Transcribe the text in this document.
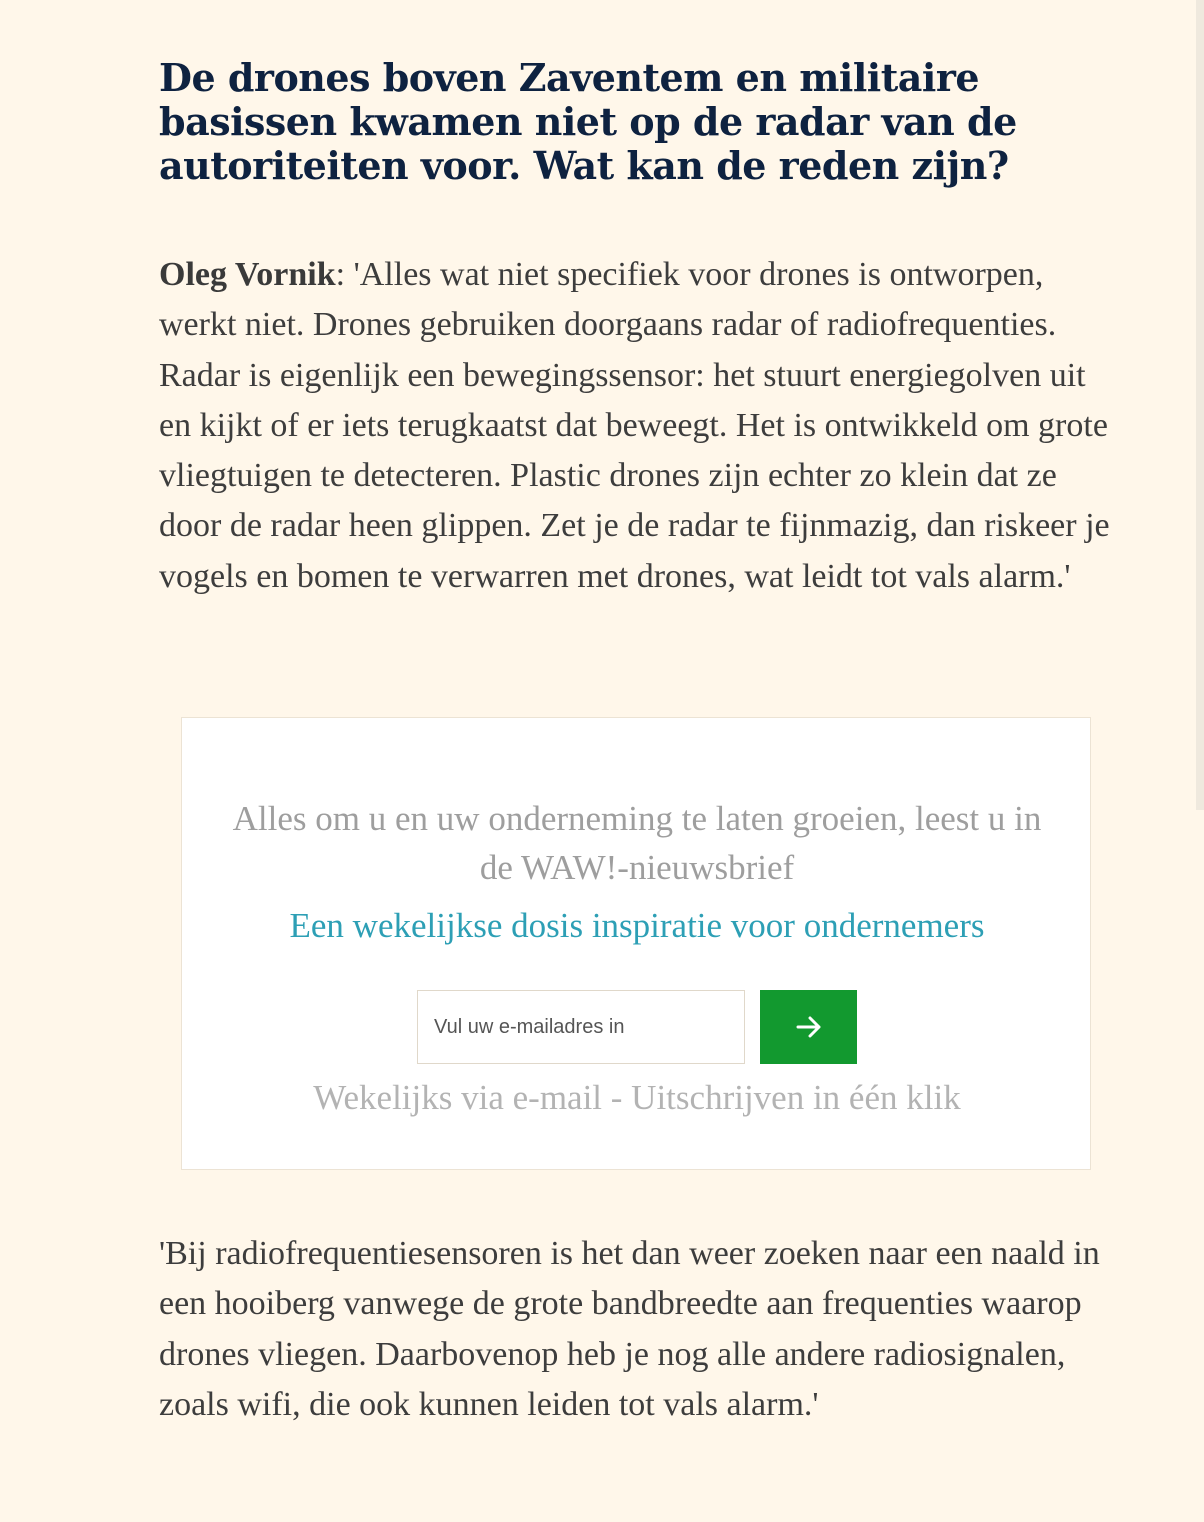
De drones boven Zaventem en militaire basissen kwamen niet op de radar van de autoriteiten voor. Wat kan de reden zijn?

Oleg Vornik: 'Alles wat niet specifiek voor drones is ontworpen, werkt niet. Drones gebruiken doorgaans radar of radiofrequenties. Radar is eigenlijk een bewegingssensor: het stuurt energiegolven uit en kijkt of er iets terugkaatst dat beweegt. Het is ontwikkeld om grote vliegtuigen te detecteren. Plastic drones zijn echter zo klein dat ze door de radar heen glippen. Zet je de radar te fijnmazig, dan riskeer je vogels en bomen te verwarren met drones, wat leidt tot vals alarm.'

Alles om u en uw onderneming te laten groeien, leest u in de WAW!-nieuwsbrief

Een wekelijkse dosis inspiratie voor ondernemers

Vul uw e-mailadres in

Wekelijks via e-mail - Uitschrijven in één klik

'Bij radiofrequentiesensoren is het dan weer zoeken naar een naald in een hooiberg vanwege de grote bandbreedte aan frequenties waarop drones vliegen. Daarbovenop heb je nog alle andere radiosignalen, zoals wifi, die ook kunnen leiden tot vals alarm.'
